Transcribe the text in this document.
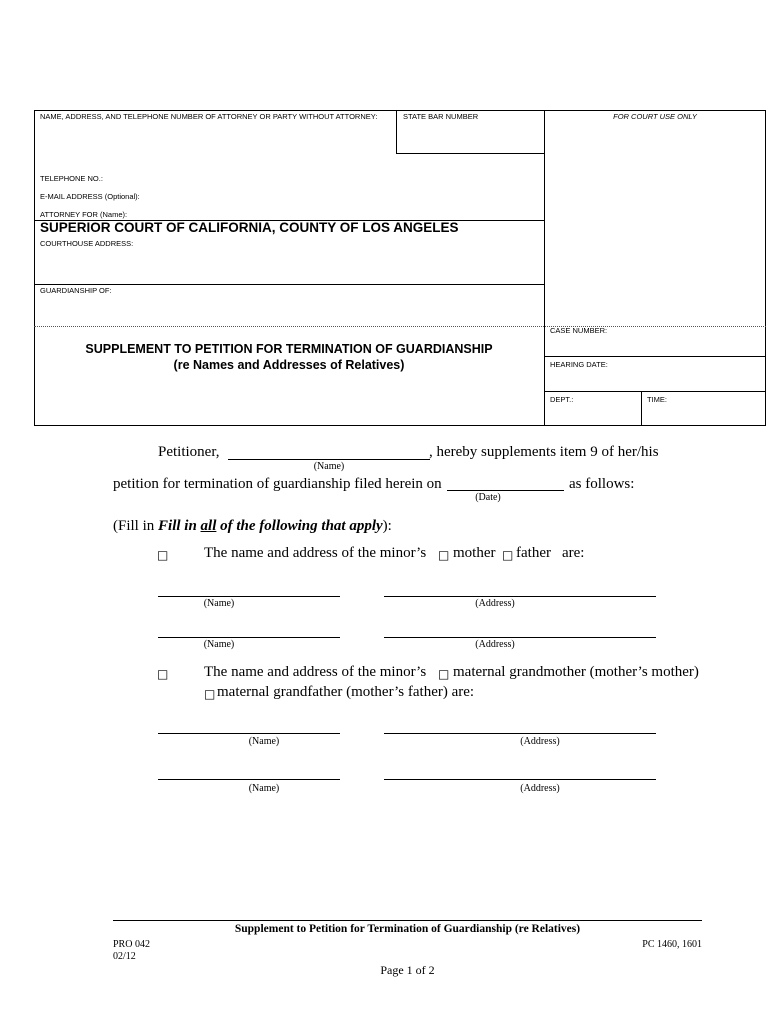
NAME, ADDRESS, AND TELEPHONE NUMBER OF ATTORNEY OR PARTY WITHOUT ATTORNEY:	STATE BAR NUMBER	FOR COURT USE ONLY
TELEPHONE NO.:
E-MAIL ADDRESS (Optional):
ATTORNEY FOR (Name):
SUPERIOR COURT OF CALIFORNIA, COUNTY OF LOS ANGELES
COURTHOUSE ADDRESS:
GUARDIANSHIP OF:
SUPPLEMENT TO PETITION FOR TERMINATION OF GUARDIANSHIP
(re Names and Addresses of Relatives)
CASE NUMBER:
HEARING DATE:
DEPT.:	TIME:
Petitioner,	, hereby supplements item 9 of her/his
(Name)
petition for termination of guardianship filed herein on	as follows:
(Date)
(Fill in Fill in all of the following that apply):
□ The name and address of the minor’s □ mother □ father are:
(Name)	(Address)
(Name)	(Address)
□ The name and address of the minor’s □ maternal grandmother (mother’s mother)
□ maternal grandfather (mother’s father) are:
(Name)	(Address)
(Name)	(Address)
Supplement to Petition for Termination of Guardianship (re Relatives)
PRO 042
02/12
PC 1460, 1601
Page 1 of 2
